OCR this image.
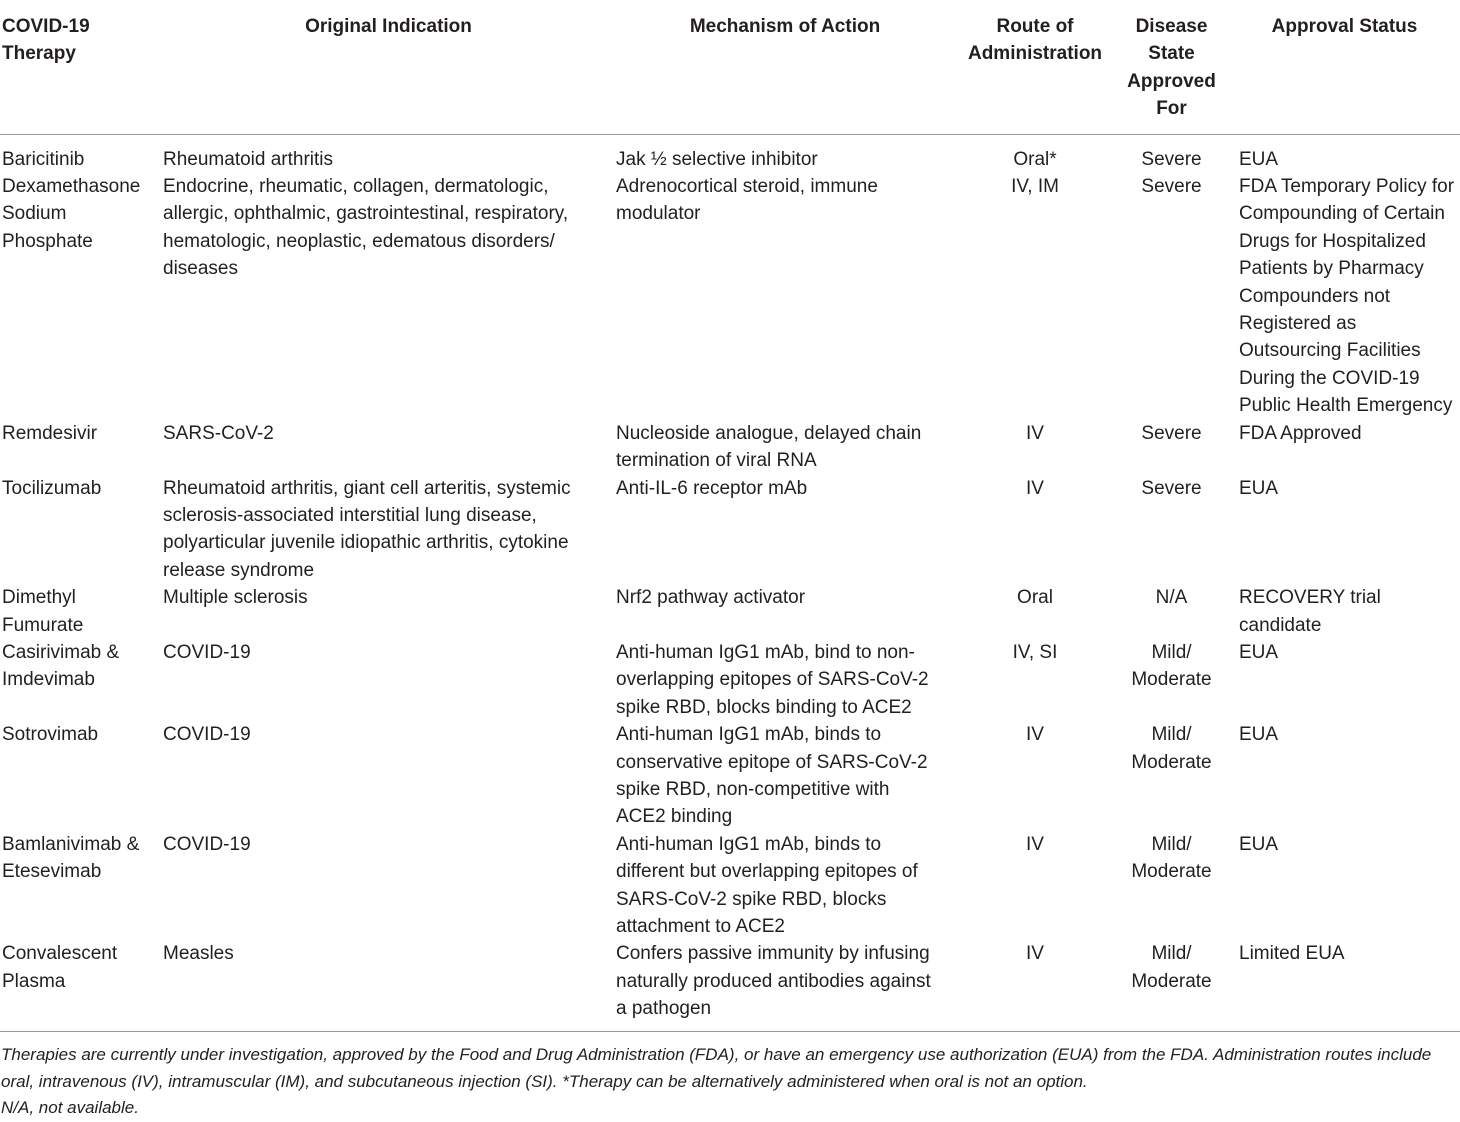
COVID-19 Therapy	Original Indication	Mechanism of Action	Route of Administration	Disease State Approved For	Approval Status
Baricitinib	Rheumatoid arthritis	Jak ½ selective inhibitor	Oral*	Severe	EUA
Dexamethasone Sodium Phosphate	Endocrine, rheumatic, collagen, dermatologic, allergic, ophthalmic, gastrointestinal, respiratory, hematologic, neoplastic, edematous disorders/ diseases	Adrenocortical steroid, immune modulator	IV, IM	Severe	FDA Temporary Policy for Compounding of Certain Drugs for Hospitalized Patients by Pharmacy Compounders not Registered as Outsourcing Facilities During the COVID-19 Public Health Emergency
Remdesivir	SARS-CoV-2	Nucleoside analogue, delayed chain termination of viral RNA	IV	Severe	FDA Approved
Tocilizumab	Rheumatoid arthritis, giant cell arteritis, systemic sclerosis-associated interstitial lung disease, polyarticular juvenile idiopathic arthritis, cytokine release syndrome	Anti-IL-6 receptor mAb	IV	Severe	EUA
Dimethyl Fumurate	Multiple sclerosis	Nrf2 pathway activator	Oral	N/A	RECOVERY trial candidate
Casirivimab & Imdevimab	COVID-19	Anti-human IgG1 mAb, bind to non-overlapping epitopes of SARS-CoV-2 spike RBD, blocks binding to ACE2	IV, SI	Mild/ Moderate	EUA
Sotrovimab	COVID-19	Anti-human IgG1 mAb, binds to conservative epitope of SARS-CoV-2 spike RBD, non-competitive with ACE2 binding	IV	Mild/ Moderate	EUA
Bamlanivimab & Etesevimab	COVID-19	Anti-human IgG1 mAb, binds to different but overlapping epitopes of SARS-CoV-2 spike RBD, blocks attachment to ACE2	IV	Mild/ Moderate	EUA
Convalescent Plasma	Measles	Confers passive immunity by infusing naturally produced antibodies against a pathogen	IV	Mild/ Moderate	Limited EUA

Therapies are currently under investigation, approved by the Food and Drug Administration (FDA), or have an emergency use authorization (EUA) from the FDA. Administration routes include oral, intravenous (IV), intramuscular (IM), and subcutaneous injection (SI). *Therapy can be alternatively administered when oral is not an option.

N/A, not available.
